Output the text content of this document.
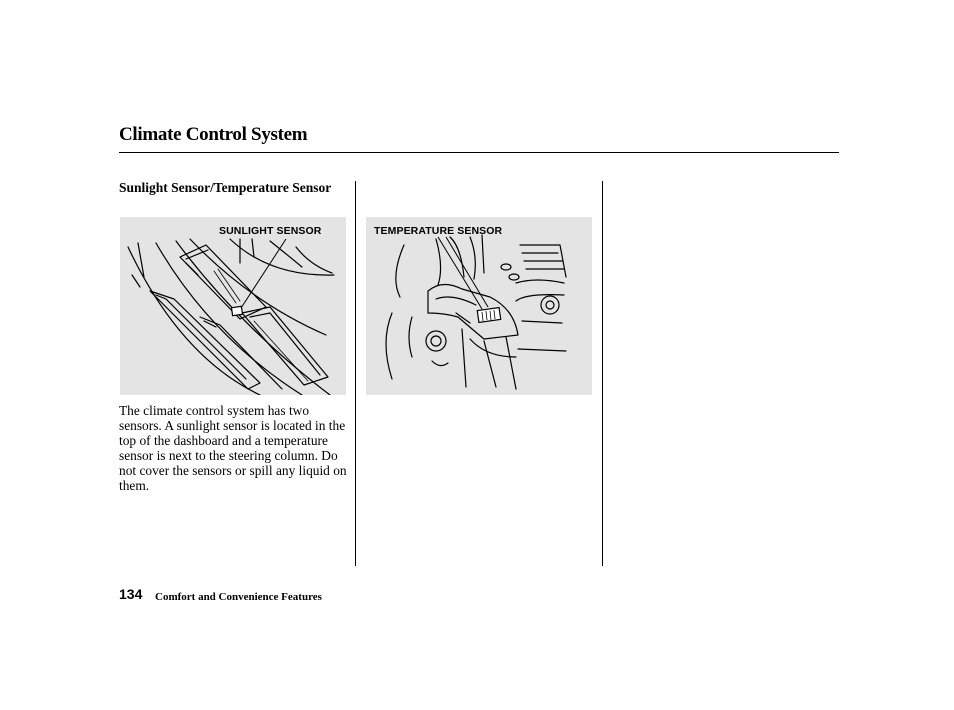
Climate Control System
Sunlight Sensor/Temperature Sensor
SUNLIGHT SENSOR	TEMPERATURE SENSOR
The climate control system has two sensors. A sunlight sensor is located in the top of the dashboard and a temperature sensor is next to the steering column. Do not cover the sensors or spill any liquid on them.
134 Comfort and Convenience Features
